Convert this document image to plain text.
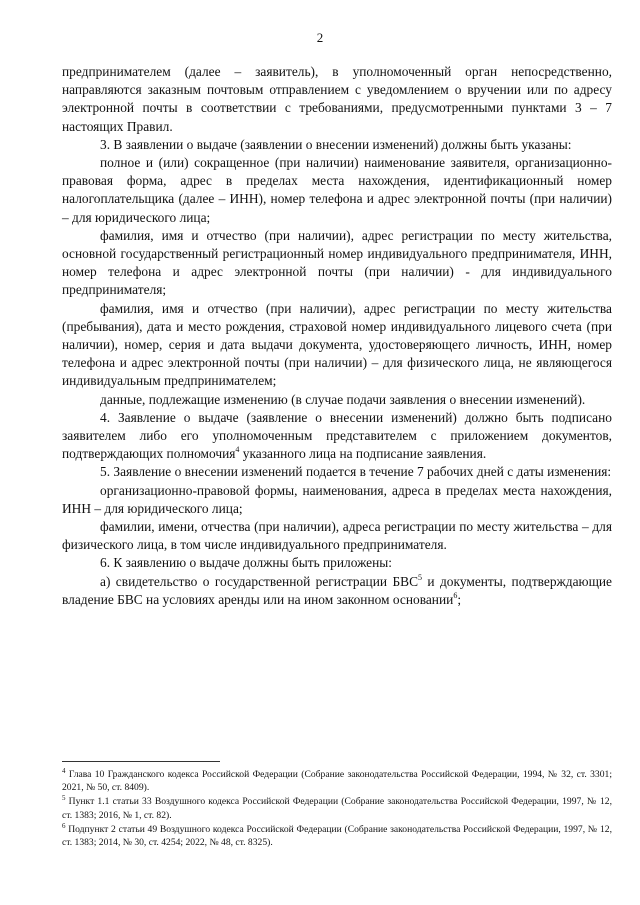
2

предпринимателем (далее – заявитель), в уполномоченный орган непосредственно, направляются заказным почтовым отправлением с уведомлением о вручении или по адресу электронной почты в соответствии с требованиями, предусмотренными пунктами 3 – 7 настоящих Правил.

3. В заявлении о выдаче (заявлении о внесении изменений) должны быть указаны:

полное и (или) сокращенное (при наличии) наименование заявителя, организационно-правовая форма, адрес в пределах места нахождения, идентификационный номер налогоплательщика (далее – ИНН), номер телефона и адрес электронной почты (при наличии) – для юридического лица;

фамилия, имя и отчество (при наличии), адрес регистрации по месту жительства, основной государственный регистрационный номер индивидуального предпринимателя, ИНН, номер телефона и адрес электронной почты (при наличии) - для индивидуального предпринимателя;

фамилия, имя и отчество (при наличии), адрес регистрации по месту жительства (пребывания), дата и место рождения, страховой номер индивидуального лицевого счета (при наличии), номер, серия и дата выдачи документа, удостоверяющего личность, ИНН, номер телефона и адрес электронной почты (при наличии) – для физического лица, не являющегося индивидуальным предпринимателем;

данные, подлежащие изменению (в случае подачи заявления о внесении изменений).

4. Заявление о выдаче (заявление о внесении изменений) должно быть подписано заявителем либо его уполномоченным представителем с приложением документов, подтверждающих полномочия$^4$ указанного лица на подписание заявления.

5. Заявление о внесении изменений подается в течение 7 рабочих дней с даты изменения:

организационно-правовой формы, наименования, адреса в пределах места нахождения, ИНН – для юридического лица;

фамилии, имени, отчества (при наличии), адреса регистрации по месту жительства – для физического лица, в том числе индивидуального предпринимателя.

6. К заявлению о выдаче должны быть приложены:

а) свидетельство о государственной регистрации БВС$^5$ и документы, подтверждающие владение БВС на условиях аренды или на ином законном основании$^6$;

$^4$ Глава 10 Гражданского кодекса Российской Федерации (Собрание законодательства Российской Федерации, 1994, № 32, ст. 3301; 2021, № 50, ст. 8409).

$^5$ Пункт 1.1 статьи 33 Воздушного кодекса Российской Федерации (Собрание законодательства Российской Федерации, 1997, № 12, ст. 1383; 2016, № 1, ст. 82).

$^6$ Подпункт 2 статьи 49 Воздушного кодекса Российской Федерации (Собрание законодательства Российской Федерации, 1997, № 12, ст. 1383; 2014, № 30, ст. 4254; 2022, № 48, ст. 8325).
